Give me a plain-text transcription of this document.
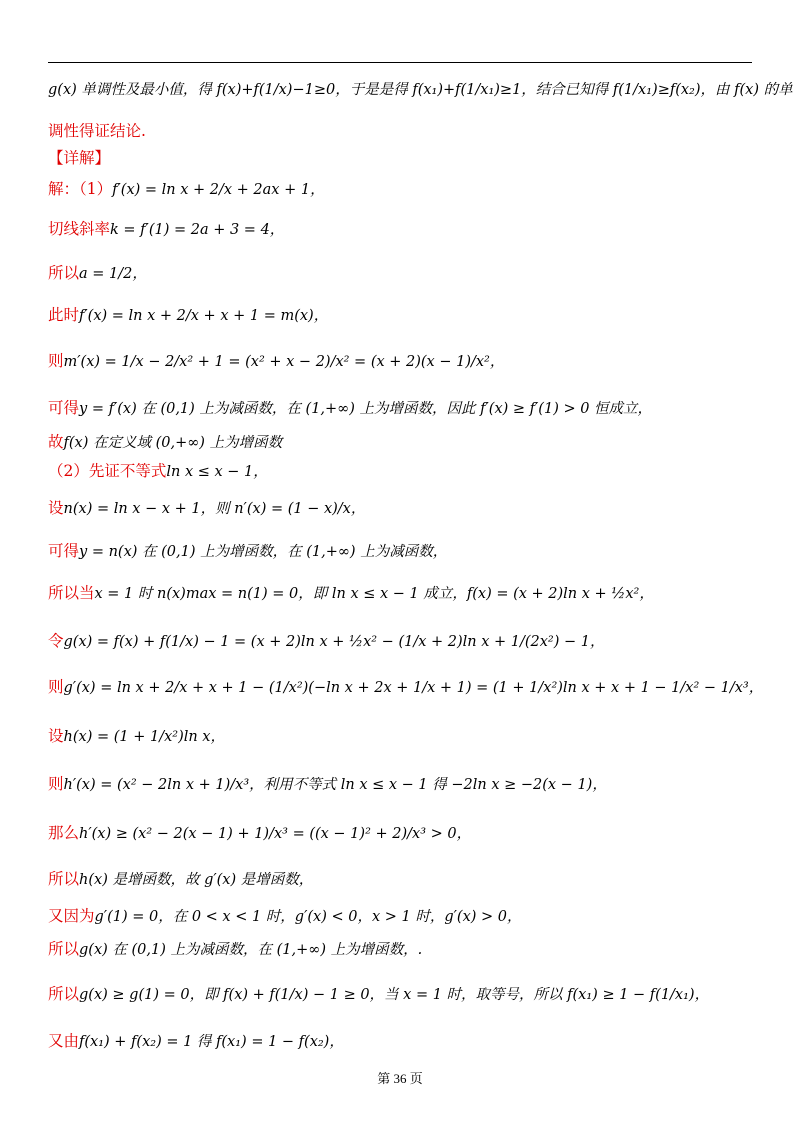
g(x) 单调性及最小值，得 f(x)+f(1/x)−1≥0，于是是得 f(x₁)+f(1/x₁)≥1，结合已知得 f(1/x₁)≥f(x₂)，由 f(x) 的单
调性得证结论.
【详解】
解：（1）f′(x) = ln x + 2/x + 2ax + 1，
切线斜率k = f′(1) = 2a + 3 = 4，
所以a = 1/2，
此时f′(x) = ln x + 2/x + x + 1 = m(x)，
则m′(x) = 1/x − 2/x² + 1 = (x² + x − 2)/x² = (x + 2)(x − 1)/x²，
可得y = f′(x) 在 (0,1) 上为减函数，在 (1,+∞) 上为增函数，因此 f′(x) ≥ f′(1) > 0 恒成立，
故f(x) 在定义域 (0,+∞) 上为增函数
（2）先证不等式ln x ≤ x − 1，
设n(x) = ln x − x + 1，则 n′(x) = (1 − x)/x，
可得y = n(x) 在 (0,1) 上为增函数，在 (1,+∞) 上为减函数，
所以当x = 1 时 n(x)max = n(1) = 0，即 ln x ≤ x − 1 成立，f(x) = (x + 2)ln x + ½x²，
令g(x) = f(x) + f(1/x) − 1 = (x + 2)ln x + ½x² − (1/x + 2)ln x + 1/(2x²) − 1，
则g′(x) = ln x + 2/x + x + 1 − (1/x²)(−ln x + 2x + 1/x + 1) = (1 + 1/x²)ln x + x + 1 − 1/x² − 1/x³，
设h(x) = (1 + 1/x²)ln x，
则h′(x) = (x² − 2ln x + 1)/x³，利用不等式 ln x ≤ x − 1 得 −2ln x ≥ −2(x − 1)，
那么h′(x) ≥ (x² − 2(x − 1) + 1)/x³ = ((x − 1)² + 2)/x³ > 0，
所以h(x) 是增函数，故 g′(x) 是增函数，
又因为g′(1) = 0，在 0 < x < 1 时，g′(x) < 0，x > 1 时，g′(x) > 0，
所以g(x) 在 (0,1) 上为减函数，在 (1,+∞) 上为增函数，.
所以g(x) ≥ g(1) = 0，即 f(x) + f(1/x) − 1 ≥ 0，当 x = 1 时，取等号，所以 f(x₁) ≥ 1 − f(1/x₁)，
又由f(x₁) + f(x₂) = 1 得 f(x₁) = 1 − f(x₂)，
第 36 页
